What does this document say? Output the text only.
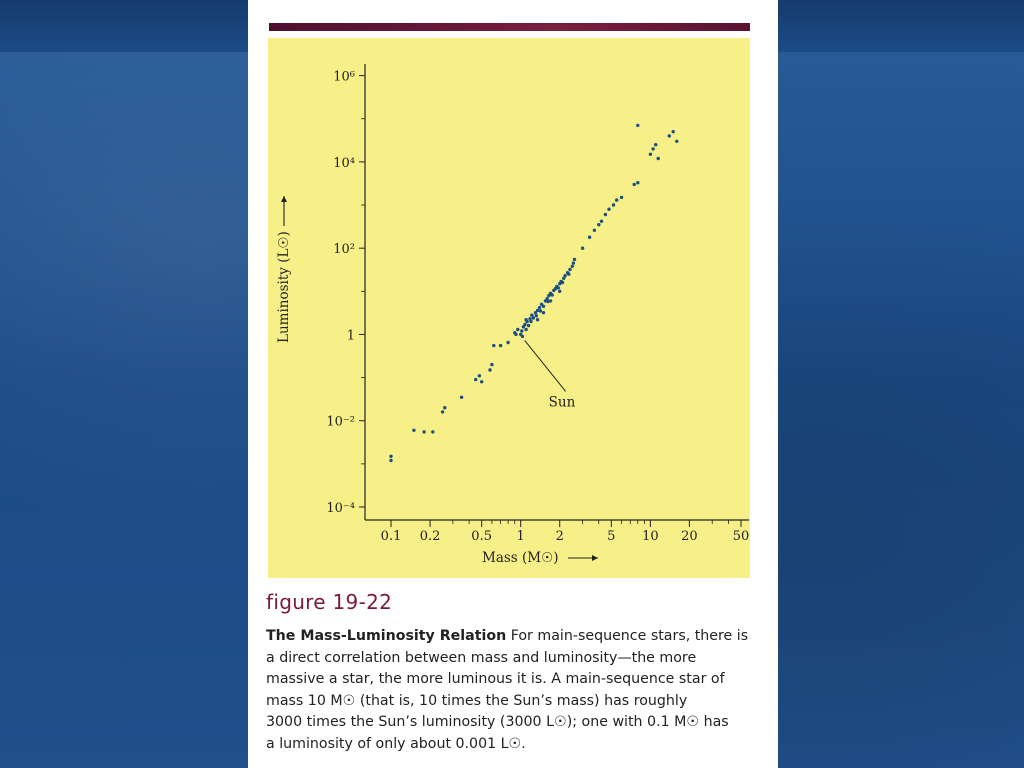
0.1 0.2 0.5 1 2	5 10 20	50
10⁻⁴
10⁻²
1
10²
10⁴
10⁶
Mass (M☉)
Luminosity (L☉)
Sun
figure 19-22
The Mass-Luminosity Relation For main-sequence stars, there is
a direct correlation between mass and luminosity—the more
massive a star, the more luminous it is. A main-sequence star of
mass 10 M☉ (that is, 10 times the Sun’s mass) has roughly
3000 times the Sun’s luminosity (3000 L☉); one with 0.1 M☉ has
a luminosity of only about 0.001 L☉.
